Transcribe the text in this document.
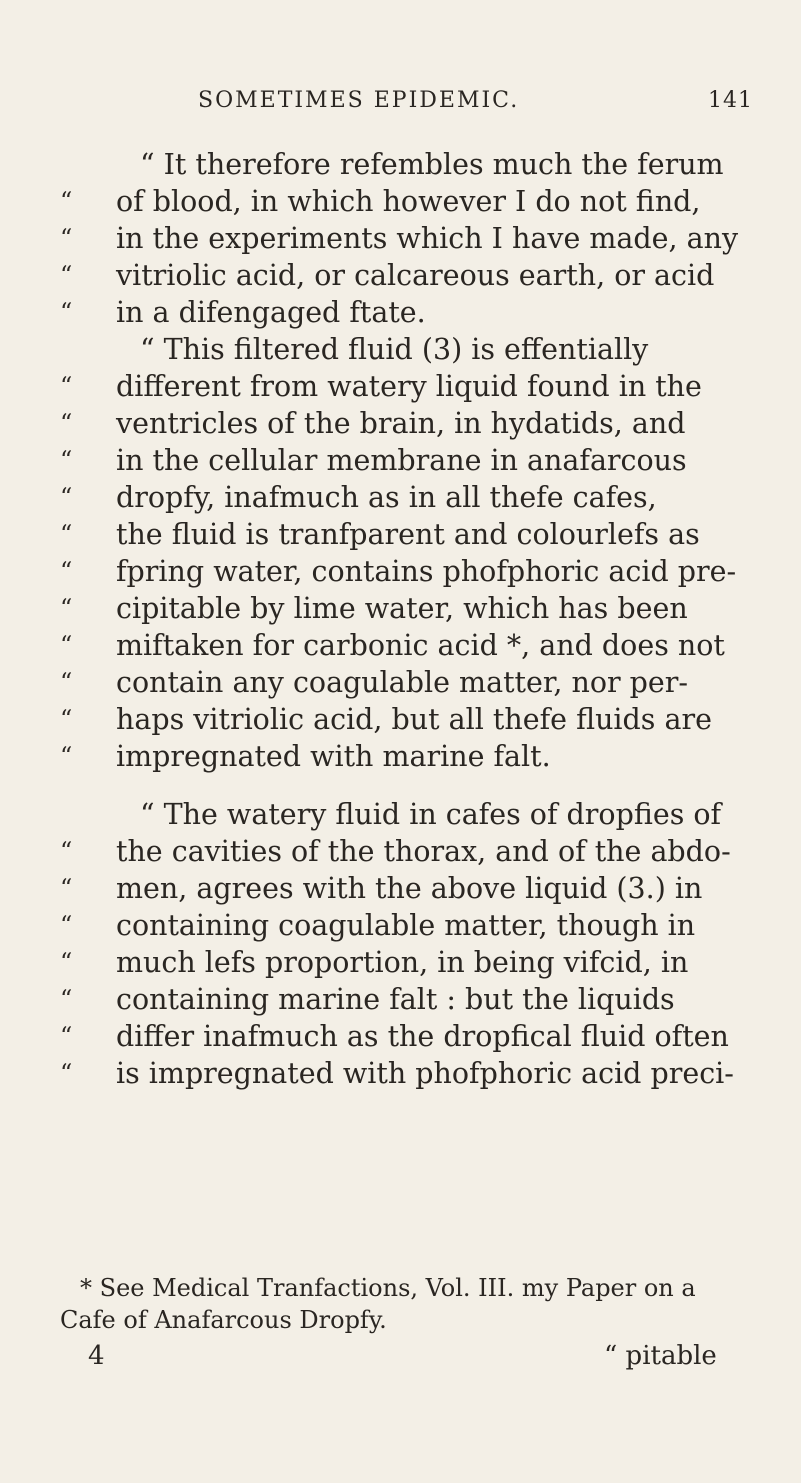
SOMETIMES EPIDEMIC.	141
“ It therefore refembles much the ferum
“ of blood, in which however I do not find,
“ in the experiments which I have made, any
“ vitriolic acid, or calcareous earth, or acid
“ in a difengaged ftate.
“ This filtered fluid (3) is effentially
“ different from watery liquid found in the
“ ventricles of the brain, in hydatids, and
“ in the cellular membrane in anafarcous
“ dropfy, inafmuch as in all thefe cafes,
“ the fluid is tranfparent and colourlefs as
“ fpring water, contains phofphoric acid pre-
“ cipitable by lime water, which has been
“ miftaken for carbonic acid *, and does not
“ contain any coagulable matter, nor per-
“ haps vitriolic acid, but all thefe fluids are
“ impregnated with marine falt.
“ The watery fluid in cafes of dropfies of
“ the cavities of the thorax, and of the abdo-
“ men, agrees with the above liquid (3.) in
“ containing coagulable matter, though in
“ much lefs proportion, in being vifcid, in
“ containing marine falt : but the liquids
“ differ inafmuch as the dropfical fluid often
“ is impregnated with phofphoric acid preci-
* See Medical Tranfactions, Vol. III. my Paper on a
Cafe of Anafarcous Dropfy.
4	“ pitable
